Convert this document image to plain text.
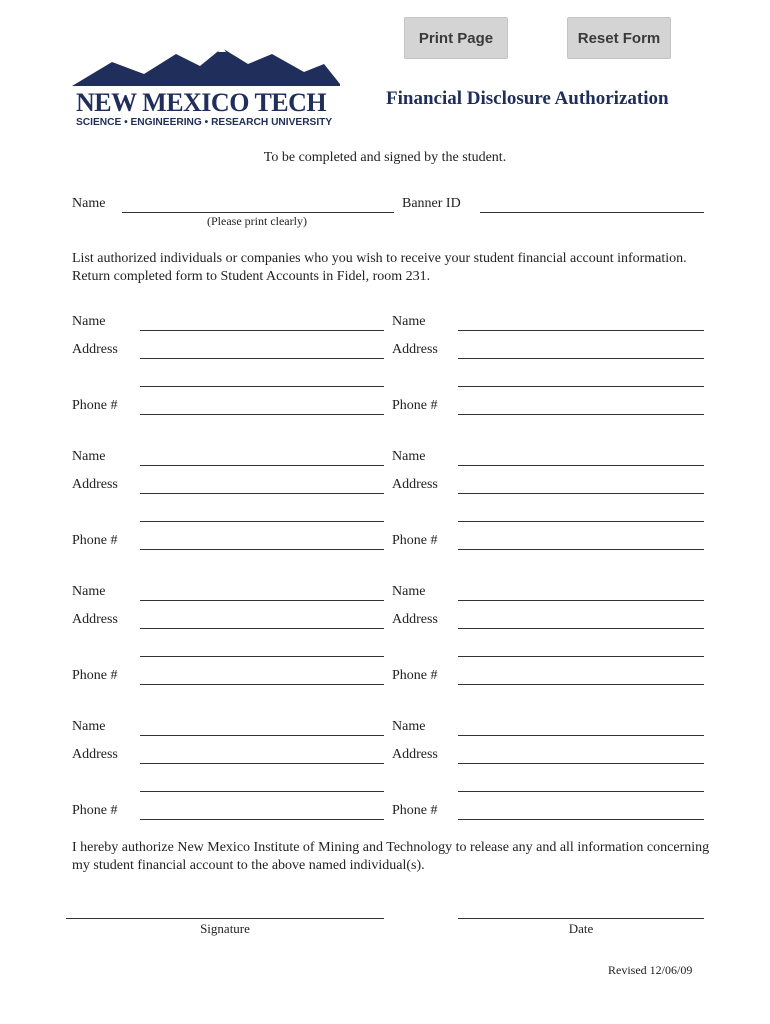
Print Page	Reset Form
NEW MEXICO TECH
SCIENCE • ENGINEERING • RESEARCH UNIVERSITY
Financial Disclosure Authorization
To be completed and signed by the student.
Name
(Please print clearly)
Banner ID
List authorized individuals or companies who you wish to receive your student financial account information. Return completed form to Student Accounts in Fidel, room 231.
Name
Address
Phone #
Name
Address
Phone #
Name
Address
Phone #
Name
Address
Phone #
Name
Address
Phone #
Name
Address
Phone #
Name
Address
Phone #
Name
Address
Phone #
I hereby authorize New Mexico Institute of Mining and Technology to release any and all information concerning my student financial account to the above named individual(s).
Signature	Date
Revised 12/06/09
